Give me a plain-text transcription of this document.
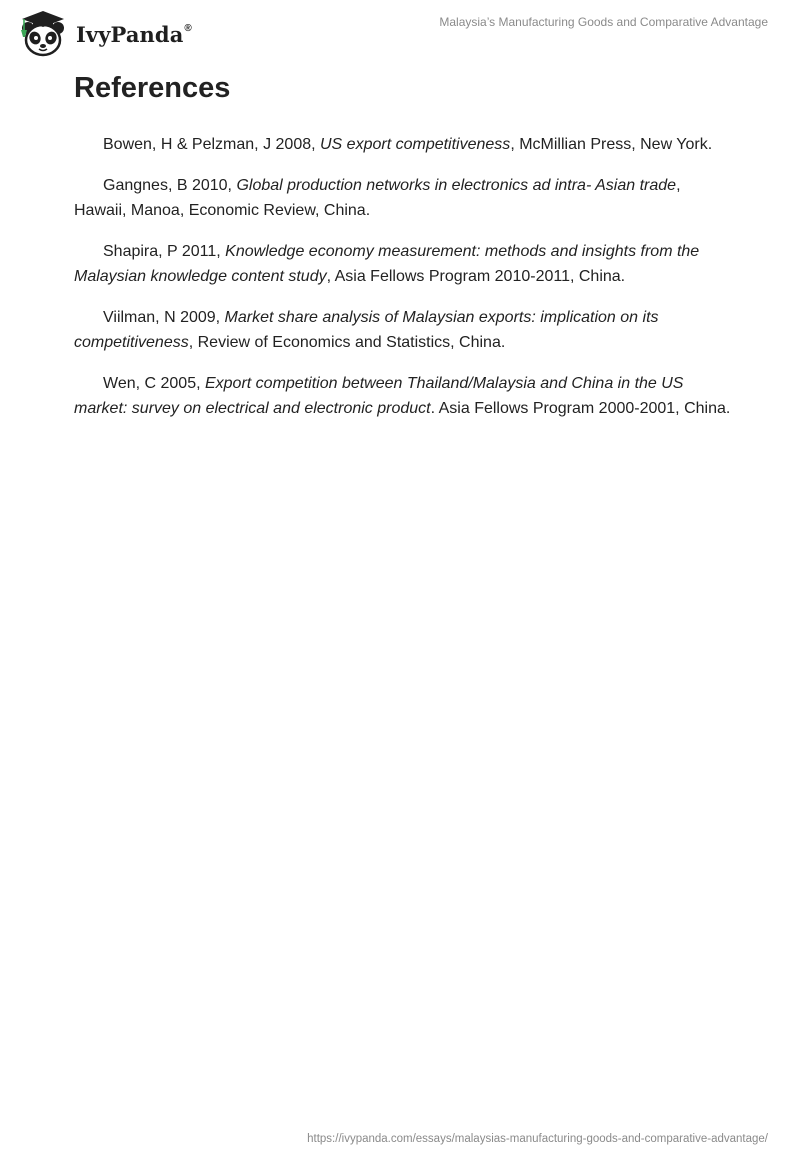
IvyPanda®	Malaysia’s Manufacturing Goods and Comparative Advantage
References

Bowen, H & Pelzman, J 2008, US export competitiveness, McMillian Press, New York.

Gangnes, B 2010, Global production networks in electronics ad intra- Asian trade, Hawaii, Manoa, Economic Review, China.

Shapira, P 2011, Knowledge economy measurement: methods and insights from the Malaysian knowledge content study, Asia Fellows Program 2010-2011, China.

Viilman, N 2009, Market share analysis of Malaysian exports: implication on its competitiveness, Review of Economics and Statistics, China.

Wen, C 2005, Export competition between Thailand/Malaysia and China in the US market: survey on electrical and electronic product. Asia Fellows Program 2000-2001, China.

https://ivypanda.com/essays/malaysias-manufacturing-goods-and-comparative-advantage/
